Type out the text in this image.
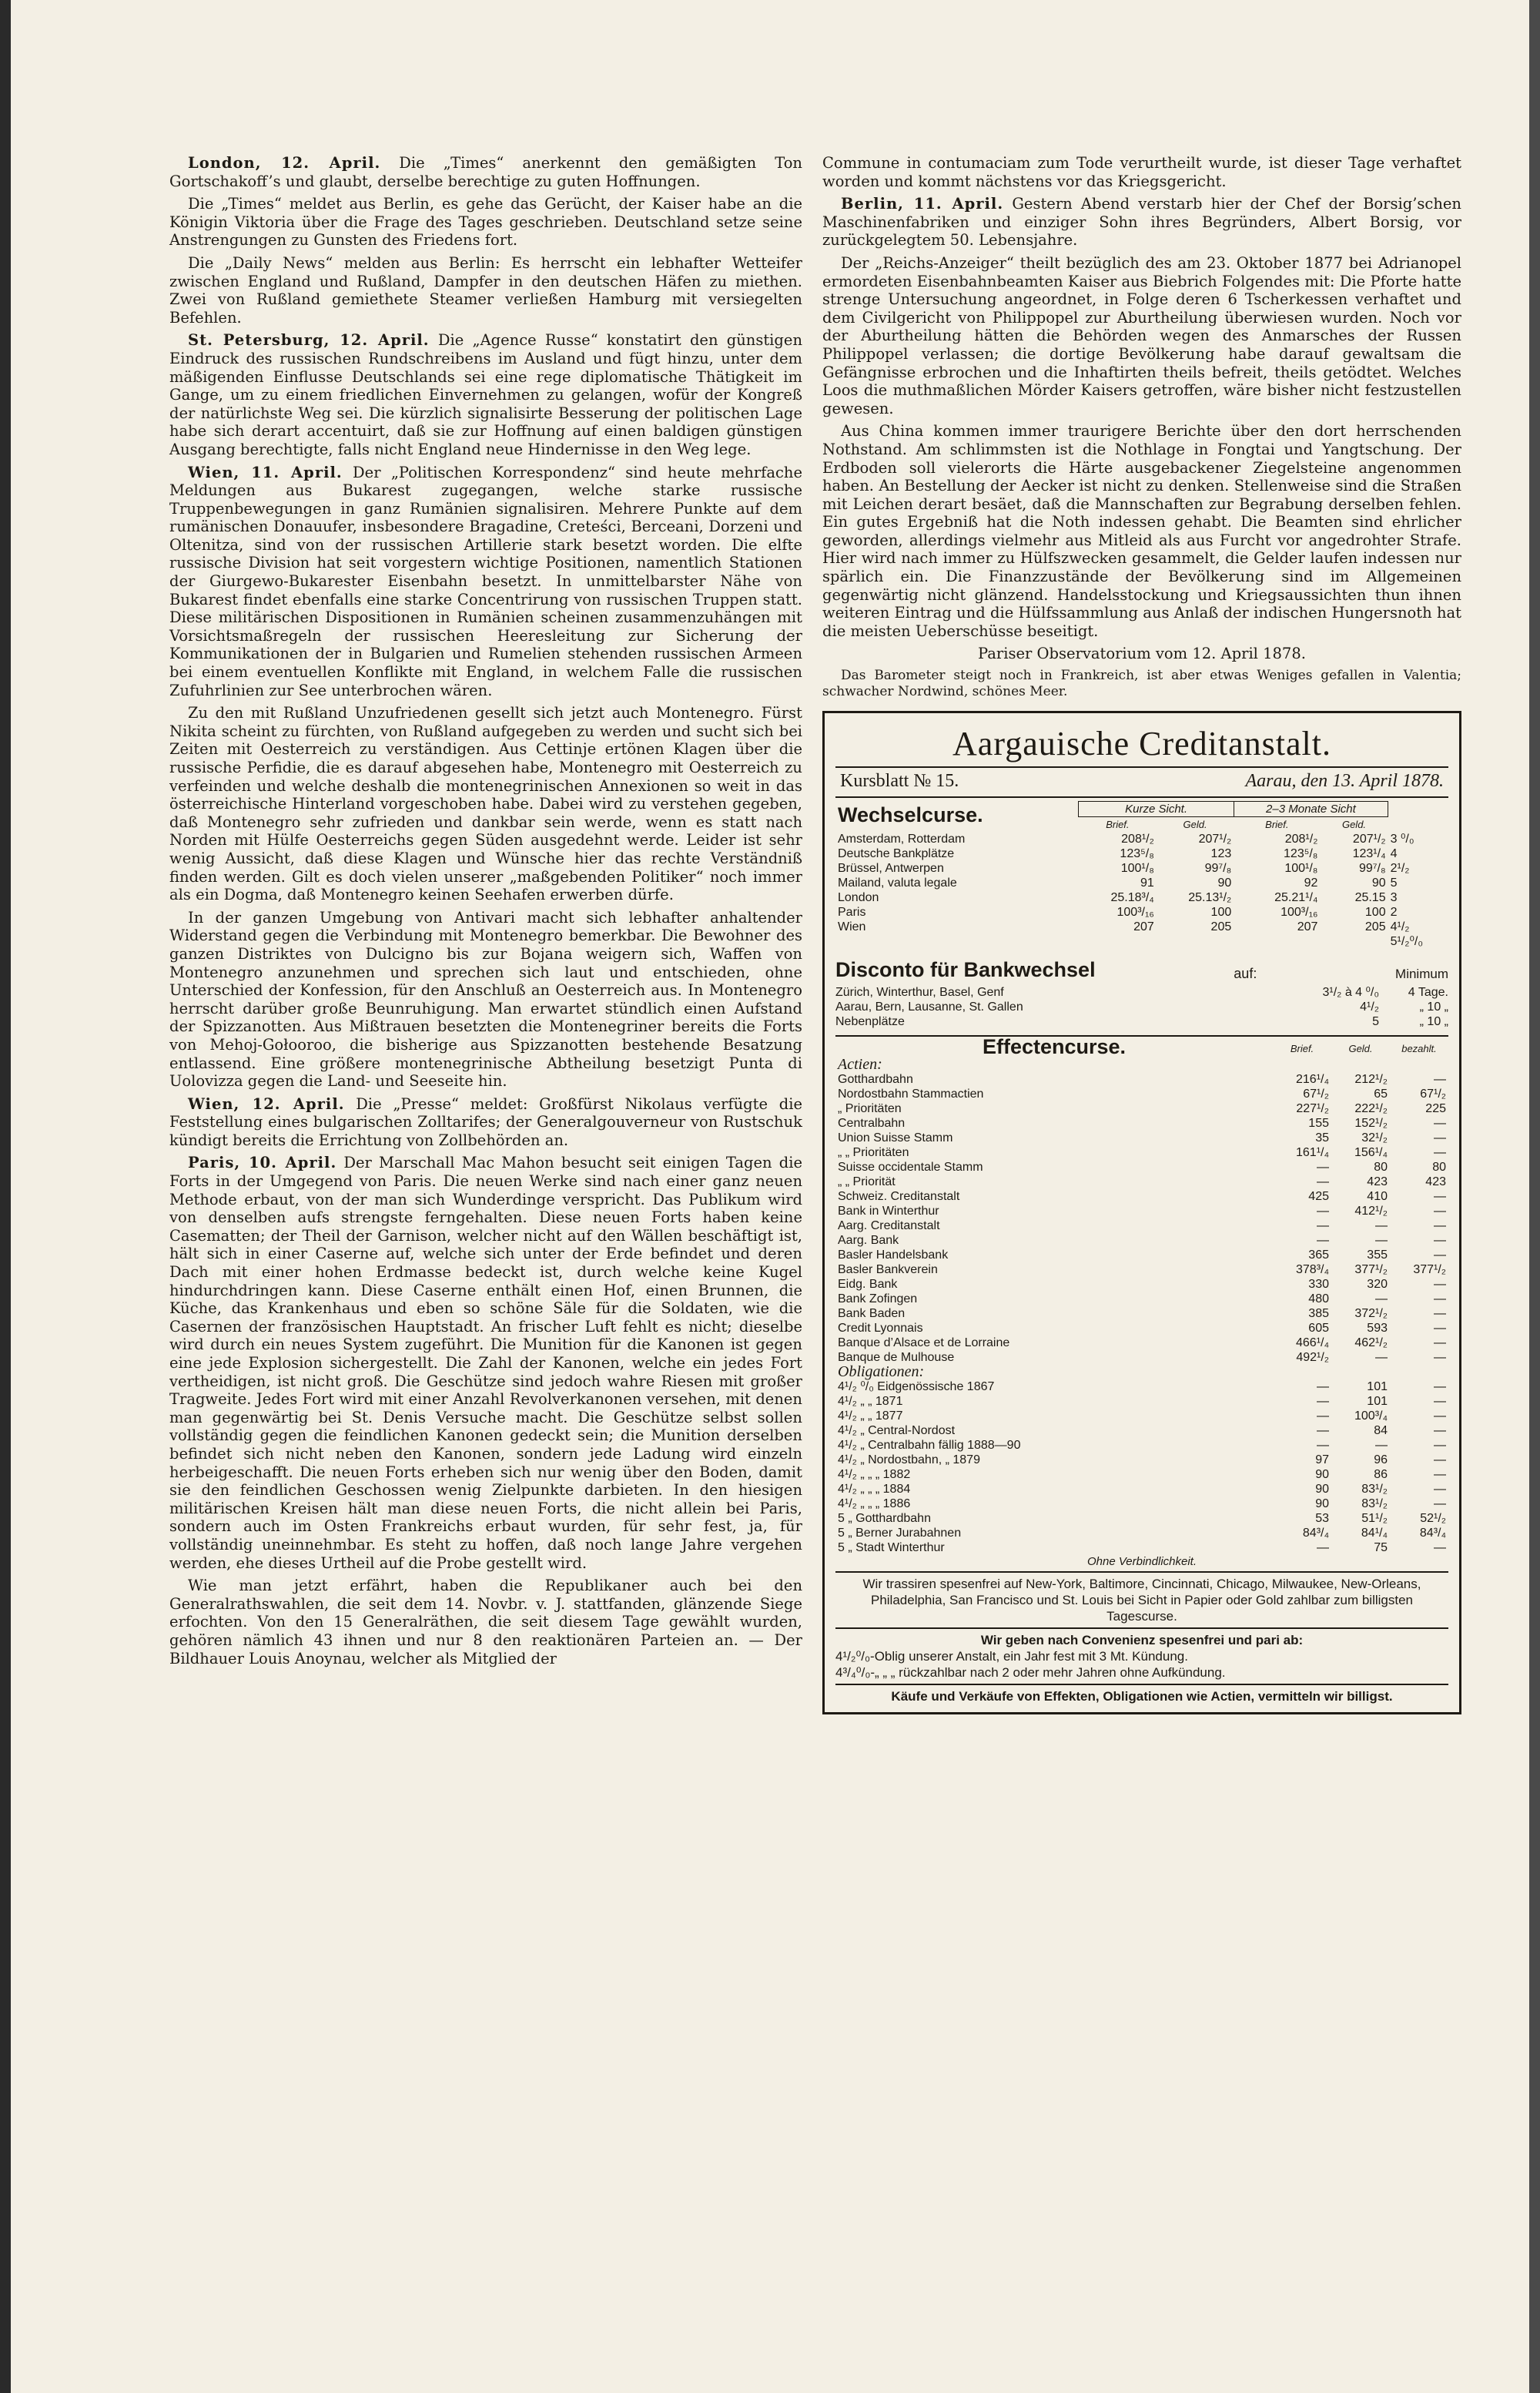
London, 12. April. Die „Times“ anerkennt den gemäßigten Ton Gortschakoff’s und glaubt, derselbe berechtige zu guten Hoffnungen.

Die „Times“ meldet aus Berlin, es gehe das Gerücht, der Kaiser habe an die Königin Viktoria über die Frage des Tages geschrieben. Deutschland setze seine Anstrengungen zu Gunsten des Friedens fort.

Die „Daily News“ melden aus Berlin: Es herrscht ein lebhafter Wetteifer zwischen England und Rußland, Dampfer in den deutschen Häfen zu miethen. Zwei von Rußland gemiethete Steamer verließen Hamburg mit versiegelten Befehlen.

St. Petersburg, 12. April. Die „Agence Russe“ konstatirt den günstigen Eindruck des russischen Rundschreibens im Ausland und fügt hinzu, unter dem mäßigenden Einflusse Deutschlands sei eine rege diplomatische Thätigkeit im Gange, um zu einem friedlichen Einvernehmen zu gelangen, wofür der Kongreß der natürlichste Weg sei. Die kürzlich signalisirte Besserung der politischen Lage habe sich derart accentuirt, daß sie zur Hoffnung auf einen baldigen günstigen Ausgang berechtigte, falls nicht England neue Hindernisse in den Weg lege.

Wien, 11. April. Der „Politischen Korrespondenz“ sind heute mehrfache Meldungen aus Bukarest zugegangen, welche starke russische Truppenbewegungen in ganz Rumänien signalisiren. Mehrere Punkte auf dem rumänischen Donauufer, insbesondere Bragadine, Creteści, Berceani, Dorzeni und Oltenitza, sind von der russischen Artillerie stark besetzt worden. Die elfte russische Division hat seit vorgestern wichtige Positionen, namentlich Stationen der Giurgewo-Bukarester Eisenbahn besetzt. In unmittelbarster Nähe von Bukarest findet ebenfalls eine starke Concentrirung von russischen Truppen statt. Diese militärischen Dispositionen in Rumänien scheinen zusammenzuhängen mit Vorsichtsmaßregeln der russischen Heeresleitung zur Sicherung der Kommunikationen der in Bulgarien und Rumelien stehenden russischen Armeen bei einem eventuellen Konflikte mit England, in welchem Falle die russischen Zufuhrlinien zur See unterbrochen wären.

Zu den mit Rußland Unzufriedenen gesellt sich jetzt auch Montenegro. Fürst Nikita scheint zu fürchten, von Rußland aufgegeben zu werden und sucht sich bei Zeiten mit Oesterreich zu verständigen. Aus Cettinje ertönen Klagen über die russische Perfidie, die es darauf abgesehen habe, Montenegro mit Oesterreich zu verfeinden und welche deshalb die montenegrinischen Annexionen so weit in das österreichische Hinterland vorgeschoben habe. Dabei wird zu verstehen gegeben, daß Montenegro sehr zufrieden und dankbar sein werde, wenn es statt nach Norden mit Hülfe Oesterreichs gegen Süden ausgedehnt werde. Leider ist sehr wenig Aussicht, daß diese Klagen und Wünsche hier das rechte Verständniß finden werden. Gilt es doch vielen unserer „maßgebenden Politiker“ noch immer als ein Dogma, daß Montenegro keinen Seehafen erwerben dürfe.

In der ganzen Umgebung von Antivari macht sich lebhafter anhaltender Widerstand gegen die Verbindung mit Montenegro bemerkbar. Die Bewohner des ganzen Distriktes von Dulcigno bis zur Bojana weigern sich, Waffen von Montenegro anzunehmen und sprechen sich laut und entschieden, ohne Unterschied der Konfession, für den Anschluß an Oesterreich aus. In Montenegro herrscht darüber große Beunruhigung. Man erwartet stündlich einen Aufstand der Spizzanotten. Aus Mißtrauen besetzten die Montenegriner bereits die Forts von Mehoj-Gołooroo, die bisherige aus Spizzanotten bestehende Besatzung entlassend. Eine größere montenegrinische Abtheilung besetzigt Punta di Uolovizza gegen die Land- und Seeseite hin.

Wien, 12. April. Die „Presse“ meldet: Großfürst Nikolaus verfügte die Feststellung eines bulgarischen Zolltarifes; der Generalgouverneur von Rustschuk kündigt bereits die Errichtung von Zollbehörden an.

Paris, 10. April. Der Marschall Mac Mahon besucht seit einigen Tagen die Forts in der Umgegend von Paris. Die neuen Werke sind nach einer ganz neuen Methode erbaut, von der man sich Wunderdinge verspricht. Das Publikum wird von denselben aufs strengste ferngehalten. Diese neuen Forts haben keine Casematten; der Theil der Garnison, welcher nicht auf den Wällen beschäftigt ist, hält sich in einer Caserne auf, welche sich unter der Erde befindet und deren Dach mit einer hohen Erdmasse bedeckt ist, durch welche keine Kugel hindurchdringen kann. Diese Caserne enthält einen Hof, einen Brunnen, die Küche, das Krankenhaus und eben so schöne Säle für die Soldaten, wie die Casernen der französischen Hauptstadt. An frischer Luft fehlt es nicht; dieselbe wird durch ein neues System zugeführt. Die Munition für die Kanonen ist gegen eine jede Explosion sichergestellt. Die Zahl der Kanonen, welche ein jedes Fort vertheidigen, ist nicht groß. Die Geschütze sind jedoch wahre Riesen mit großer Tragweite. Jedes Fort wird mit einer Anzahl Revolverkanonen versehen, mit denen man gegenwärtig bei St. Denis Versuche macht. Die Geschütze selbst sollen vollständig gegen die feindlichen Kanonen gedeckt sein; die Munition derselben befindet sich nicht neben den Kanonen, sondern jede Ladung wird einzeln herbeigeschafft. Die neuen Forts erheben sich nur wenig über den Boden, damit sie den feindlichen Geschossen wenig Zielpunkte darbieten. In den hiesigen militärischen Kreisen hält man diese neuen Forts, die nicht allein bei Paris, sondern auch im Osten Frankreichs erbaut wurden, für sehr fest, ja, für vollständig uneinnehmbar. Es steht zu hoffen, daß noch lange Jahre vergehen werden, ehe dieses Urtheil auf die Probe gestellt wird.

Wie man jetzt erfährt, haben die Republikaner auch bei den Generalrathswahlen, die seit dem 14. Novbr. v. J. stattfanden, glänzende Siege erfochten. Von den 15 Generalräthen, die seit diesem Tage gewählt wurden, gehören nämlich 43 ihnen und nur 8 den reaktionären Parteien an. — Der Bildhauer Louis Anoynau, welcher als Mitglied der

Commune in contumaciam zum Tode verurtheilt wurde, ist dieser Tage verhaftet worden und kommt nächstens vor das Kriegsgericht.

Berlin, 11. April. Gestern Abend verstarb hier der Chef der Borsig’schen Maschinenfabriken und einziger Sohn ihres Begründers, Albert Borsig, vor zurückgelegtem 50. Lebensjahre.

Der „Reichs-Anzeiger“ theilt bezüglich des am 23. Oktober 1877 bei Adrianopel ermordeten Eisenbahnbeamten Kaiser aus Biebrich Folgendes mit: Die Pforte hatte strenge Untersuchung angeordnet, in Folge deren 6 Tscherkessen verhaftet und dem Civilgericht von Philippopel zur Aburtheilung überwiesen wurden. Noch vor der Aburtheilung hätten die Behörden wegen des Anmarsches der Russen Philippopel verlassen; die dortige Bevölkerung habe darauf gewaltsam die Gefängnisse erbrochen und die Inhaftirten theils befreit, theils getödtet. Welches Loos die muthmaßlichen Mörder Kaisers getroffen, wäre bisher nicht festzustellen gewesen.

Aus China kommen immer traurigere Berichte über den dort herrschenden Nothstand. Am schlimmsten ist die Nothlage in Fongtai und Yangtschung. Der Erdboden soll vielerorts die Härte ausgebackener Ziegelsteine angenommen haben. An Bestellung der Aecker ist nicht zu denken. Stellenweise sind die Straßen mit Leichen derart besäet, daß die Mannschaften zur Begrabung derselben fehlen. Ein gutes Ergebniß hat die Noth indessen gehabt. Die Beamten sind ehrlicher geworden, allerdings vielmehr aus Mitleid als aus Furcht vor angedrohter Strafe. Hier wird nach immer zu Hülfszwecken gesammelt, die Gelder laufen indessen nur spärlich ein. Die Finanzzustände der Bevölkerung sind im Allgemeinen gegenwärtig nicht glänzend. Handelsstockung und Kriegsaussichten thun ihnen weiteren Eintrag und die Hülfssammlung aus Anlaß der indischen Hungersnoth hat die meisten Ueberschüsse beseitigt.

Pariser Observatorium vom 12. April 1878.

Das Barometer steigt noch in Frankreich, ist aber etwas Weniges gefallen in Valentia; schwacher Nordwind, schönes Meer.

Aargauische Creditanstalt.
Kursblatt № 15.	Aarau, den 13. April 1878.
Wechselcurse.	Kurze Sicht.		2–3 Monate Sicht		
	Brief.	Geld.	Brief.	Geld.	
Amsterdam, Rotterdam	208¹/₂	207¹/₂	208¹/₂	207¹/₂	3 ⁰/₀
Deutsche Bankplätze	123⁵/₈	123	123⁵/₈	123¹/₄	4
Brüssel, Antwerpen	100¹/₈	99⁷/₈	100¹/₈	99⁷/₈	2¹/₂
Mailand, valuta legale	91	90	92	90	5
London	25.18³/₄	25.13¹/₂	25.21¹/₄	25.15	3
Paris	100³/₁₆	100	100³/₁₆	100	2
Wien	207	205	207	205	4¹/₂
					5¹/₂⁰/₀
Disconto für Bankwechsel	auf:	Minimum
Zürich, Winterthur, Basel, Genf	3¹/₂ à 4 ⁰/₀	4 Tage.
Aarau, Bern, Lausanne, St. Gallen	4¹/₂	„ 10 „
Nebenplätze	5	„ 10 „
Effectencurse.	Brief.	Geld.	bezahlt.
Actien:			
Gotthardbahn	216¹/₄	212¹/₂	—
Nordostbahn Stammactien	67¹/₂	65	67¹/₂
„ Prioritäten	227¹/₂	222¹/₂	225
Centralbahn	155	152¹/₂	—
Union Suisse Stamm	35	32¹/₂	—
„ „ Prioritäten	161¹/₄	156¹/₄	—
Suisse occidentale Stamm	—	80	80
„ „ Priorität	—	423	423
Schweiz. Creditanstalt	425	410	—
Bank in Winterthur	—	412¹/₂	—
Aarg. Creditanstalt	—	—	—
Aarg. Bank	—	—	—
Basler Handelsbank	365	355	—
Basler Bankverein	378³/₄	377¹/₂	377¹/₂
Eidg. Bank	330	320	—
Bank Zofingen	480	—	—
Bank Baden	385	372¹/₂	—
Credit Lyonnais	605	593	—
Banque d’Alsace et de Lorraine	466¹/₄	462¹/₂	—
Banque de Mulhouse	492¹/₂	—	—
Obligationen:			
4¹/₂ ⁰/₀ Eidgenössische 1867	—	101	—
4¹/₂ „ „ 1871	—	101	—
4¹/₂ „ „ 1877	—	100³/₄	—
4¹/₂ „ Central-Nordost	—	84	—
4¹/₂ „ Centralbahn fällig 1888—90	—	—	—
4¹/₂ „ Nordostbahn, „ 1879	97	96	—
4¹/₂ „ „ „ 1882	90	86	—
4¹/₂ „ „ „ 1884	90	83¹/₂	—
4¹/₂ „ „ „ 1886	90	83¹/₂	—
5 „ Gotthardbahn	53	51¹/₂	52¹/₂
5 „ Berner Jurabahnen	84³/₄	84¹/₄	84³/₄
5 „ Stadt Winterthur	—	75	—
Ohne Verbindlichkeit.
Wir trassiren spesenfrei auf New-York, Baltimore, Cincinnati, Chicago, Milwaukee, New-Orleans, Philadelphia, San Francisco und St. Louis bei Sicht in Papier oder Gold zahlbar zum billigsten Tagescurse.
Wir geben nach Convenienz spesenfrei und pari ab:
4¹/₂⁰/₀-Oblig unserer Anstalt, ein Jahr fest mit 3 Mt. Kündung.
4³/₄⁰/₀-„ „ „ rückzahlbar nach 2 oder mehr Jahren ohne Aufkündung.
Käufe und Verkäufe von Effekten, Obligationen wie Actien, vermitteln wir billigst.
